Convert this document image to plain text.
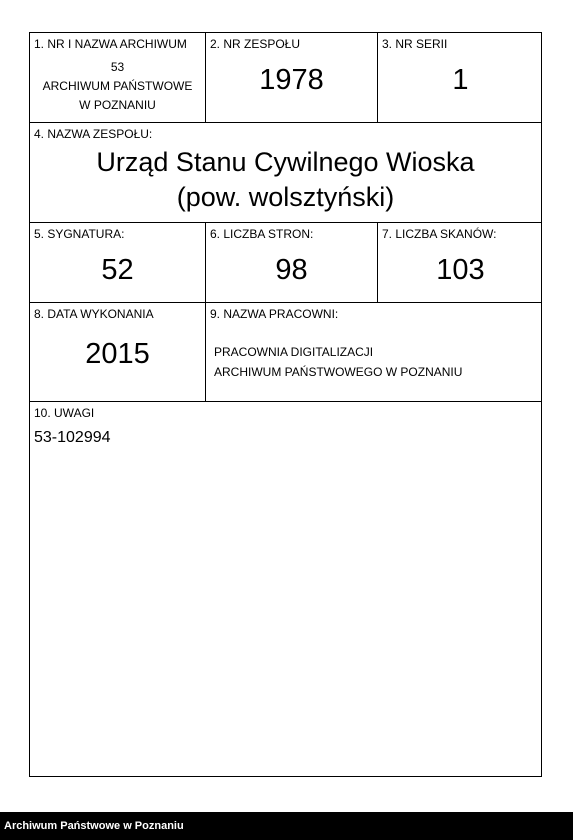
1. NR I NAZWA ARCHIWUM
53
ARCHIWUM PAŃSTWOWE
W POZNANIU
2. NR ZESPOŁU
1978
3. NR SERII
1
4. NAZWA ZESPOŁU:
Urząd Stanu Cywilnego Wioska
(pow. wolsztyński)
5. SYGNATURA:
52
6. LICZBA STRON:
98
7. LICZBA SKANÓW:
103
8. DATA WYKONANIA
2015
9. NAZWA PRACOWNI:
PRACOWNIA DIGITALIZACJI
ARCHIWUM PAŃSTWOWEGO W POZNANIU
10. UWAGI
53-102994
Archiwum Państwowe w Poznaniu
